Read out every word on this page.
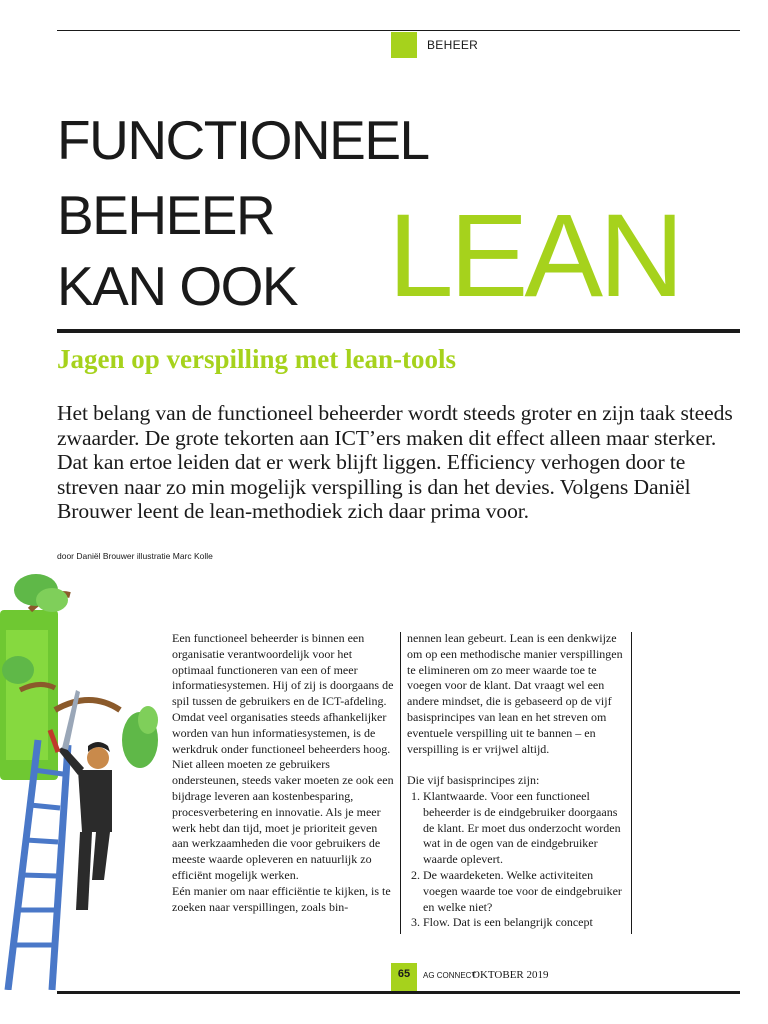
BEHEER
FUNCTIONEEL
BEHEER
KAN OOK LEAN
Jagen op verspilling met lean-tools
Het belang van de functioneel beheerder wordt steeds groter en zijn taak steeds zwaarder. De grote tekorten aan ICT’ers maken dit effect alleen maar sterker. Dat kan ertoe leiden dat er werk blijft liggen. Efficiency verhogen door te streven naar zo min mogelijk verspilling is dan het devies. Volgens Daniël Brouwer leent de lean-methodiek zich daar prima voor.
door Daniël Brouwer illustratie Marc Kolle

Een functioneel beheerder is binnen een organisatie verantwoordelijk voor het optimaal functioneren van een of meer informatiesystemen. Hij of zij is doorgaans de spil tussen de gebruikers en de ICT-afdeling. Omdat veel organisaties steeds afhankelijker worden van hun informatiesystemen, is de werkdruk onder functioneel beheerders hoog. Niet alleen moeten ze gebruikers ondersteunen, steeds vaker moeten ze ook een bijdrage leveren aan kostenbesparing, procesverbetering en innovatie. Als je meer werk hebt dan tijd, moet je prioriteit geven aan werkzaamheden die voor gebruikers de meeste waarde opleveren en natuurlijk zo efficiënt mogelijk werken.

Eén manier om naar efficiëntie te kijken, is te zoeken naar verspillingen, zoals bin-

nennen lean gebeurt. Lean is een denkwijze om op een methodische manier verspillingen te elimineren om zo meer waarde toe te voegen voor de klant. Dat vraagt wel een andere mindset, die is gebaseerd op de vijf basisprincipes van lean en het streven om eventuele verspilling uit te bannen – en verspilling is er vrijwel altijd.

Die vijf basisprincipes zijn:

1. Klantwaarde. Voor een functioneel beheerder is de eindgebruiker doorgaans de klant. Er moet dus onderzocht worden wat in de ogen van de eindgebruiker waarde oplevert.
2. De waardeketen. Welke activiteiten voegen waarde toe voor de eindgebruiker en welke niet?
3. Flow. Dat is een belangrijk concept
65	AG CONNECT
OKTOBER 2019
